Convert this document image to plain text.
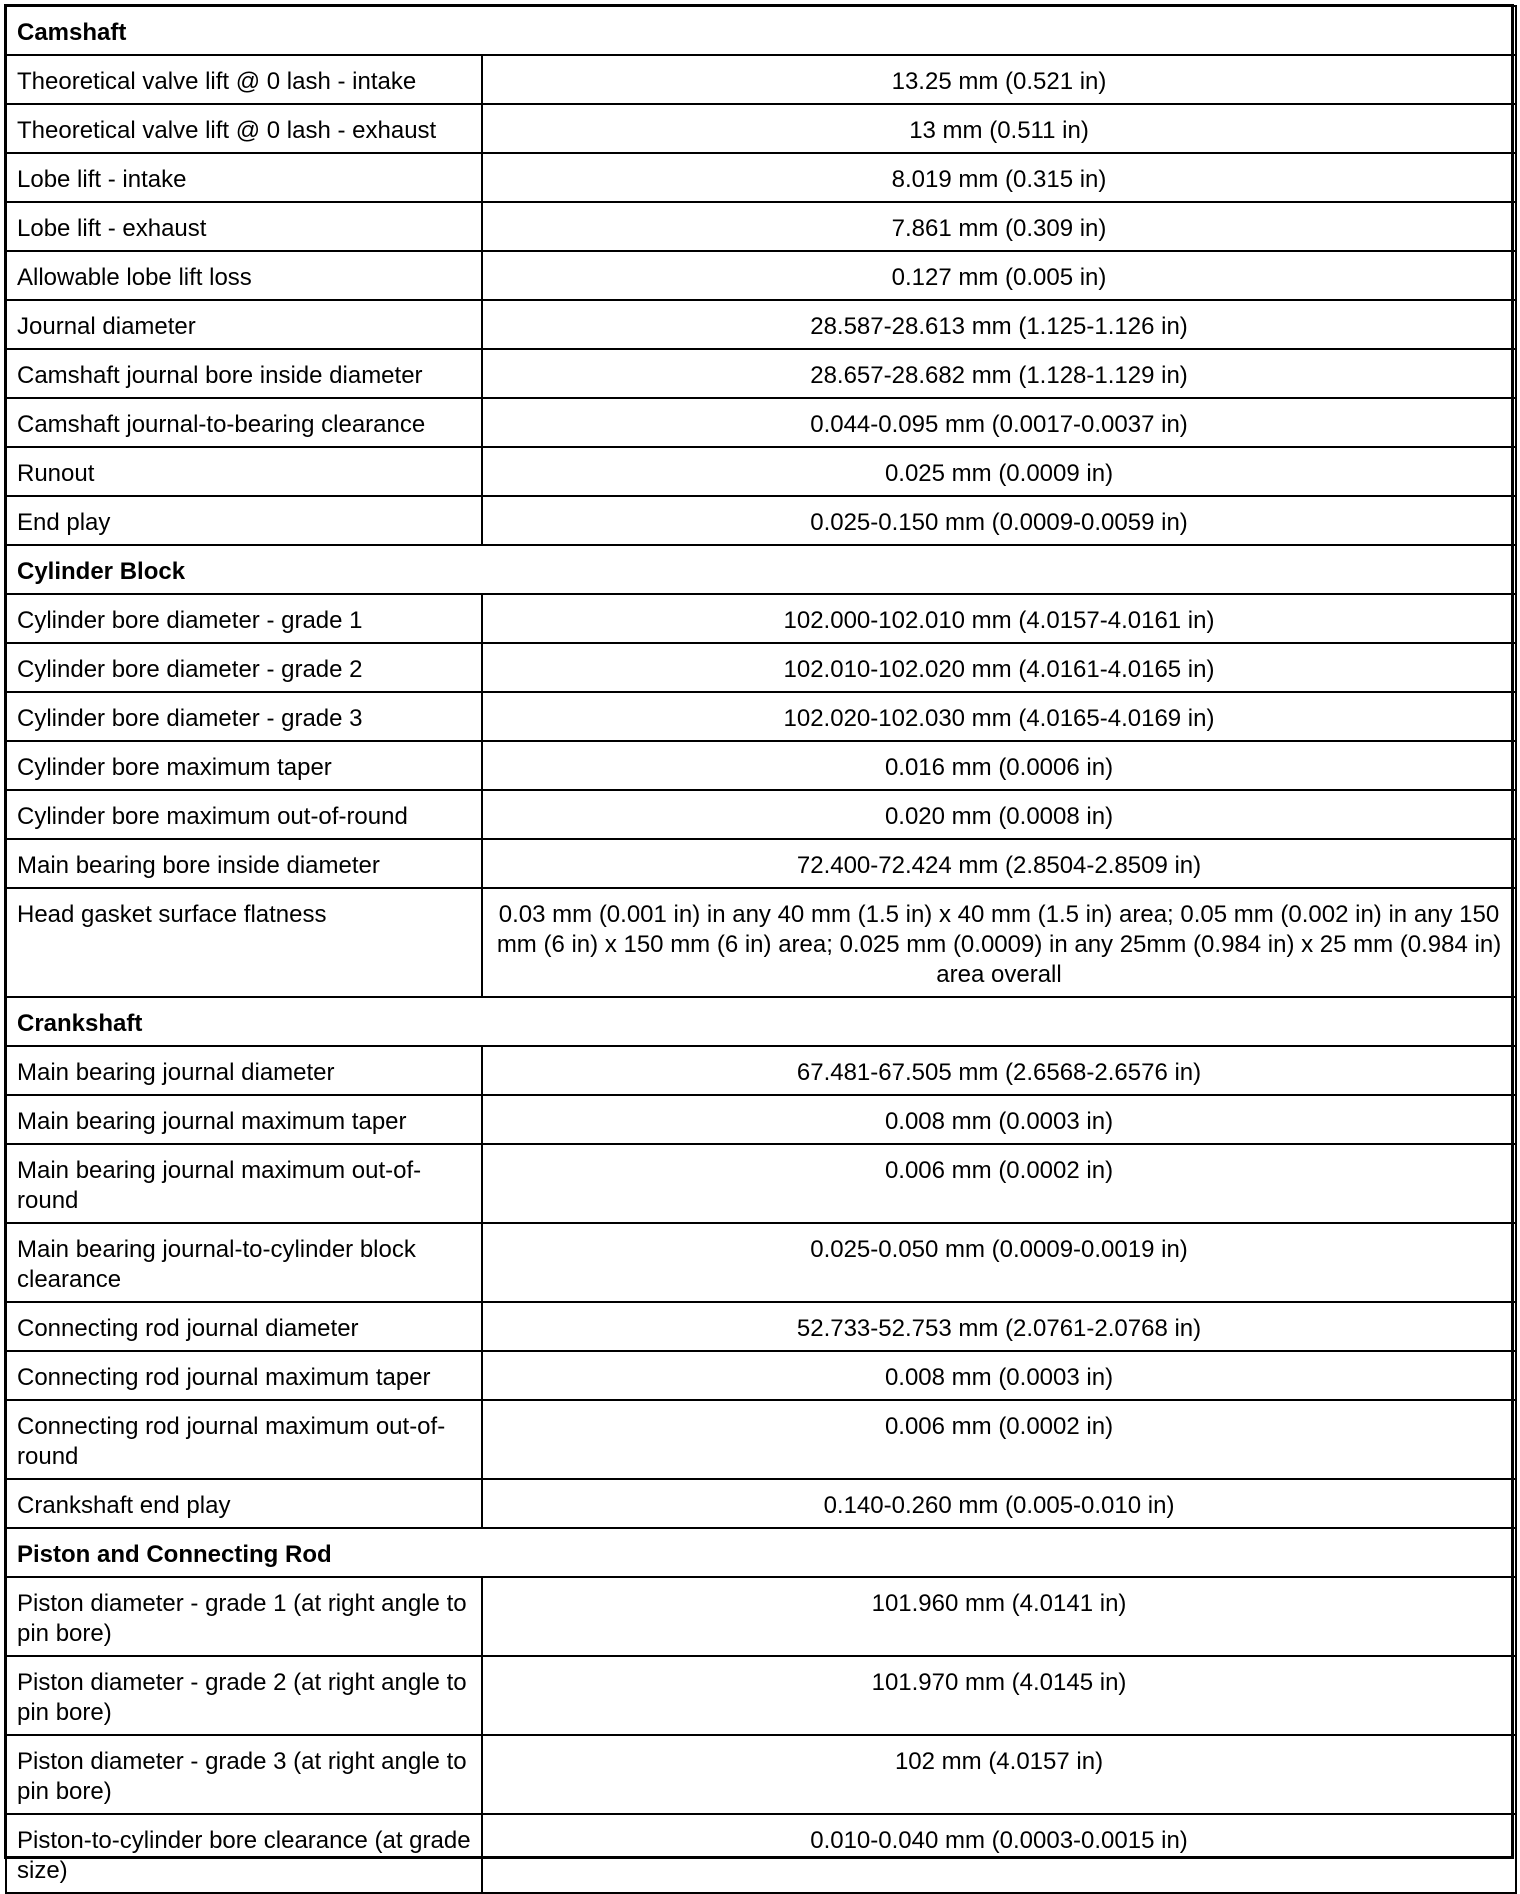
Camshaft	
Theoretical valve lift @ 0 lash - intake	13.25 mm (0.521 in)
Theoretical valve lift @ 0 lash - exhaust	13 mm (0.511 in)
Lobe lift - intake	8.019 mm (0.315 in)
Lobe lift - exhaust	7.861 mm (0.309 in)
Allowable lobe lift loss	0.127 mm (0.005 in)
Journal diameter	28.587-28.613 mm (1.125-1.126 in)
Camshaft journal bore inside diameter	28.657-28.682 mm (1.128-1.129 in)
Camshaft journal-to-bearing clearance	0.044-0.095 mm (0.0017-0.0037 in)
Runout	0.025 mm (0.0009 in)
End play	0.025-0.150 mm (0.0009-0.0059 in)
Cylinder Block	
Cylinder bore diameter - grade 1	102.000-102.010 mm (4.0157-4.0161 in)
Cylinder bore diameter - grade 2	102.010-102.020 mm (4.0161-4.0165 in)
Cylinder bore diameter - grade 3	102.020-102.030 mm (4.0165-4.0169 in)
Cylinder bore maximum taper	0.016 mm (0.0006 in)
Cylinder bore maximum out-of-round	0.020 mm (0.0008 in)
Main bearing bore inside diameter	72.400-72.424 mm (2.8504-2.8509 in)
Head gasket surface flatness	0.03 mm (0.001 in) in any 40 mm (1.5 in) x 40 mm (1.5 in) area; 0.05 mm (0.002 in) in any 150 mm (6 in) x 150 mm (6 in) area; 0.025 mm (0.0009) in any 25mm (0.984 in) x 25 mm (0.984 in) area overall
Crankshaft	
Main bearing journal diameter	67.481-67.505 mm (2.6568-2.6576 in)
Main bearing journal maximum taper	0.008 mm (0.0003 in)
Main bearing journal maximum out-of-round	0.006 mm (0.0002 in)
Main bearing journal-to-cylinder block clearance	0.025-0.050 mm (0.0009-0.0019 in)
Connecting rod journal diameter	52.733-52.753 mm (2.0761-2.0768 in)
Connecting rod journal maximum taper	0.008 mm (0.0003 in)
Connecting rod journal maximum out-of-round	0.006 mm (0.0002 in)
Crankshaft end play	0.140-0.260 mm (0.005-0.010 in)
Piston and Connecting Rod	
Piston diameter - grade 1 (at right angle to pin bore)	101.960 mm (4.0141 in)
Piston diameter - grade 2 (at right angle to pin bore)	101.970 mm (4.0145 in)
Piston diameter - grade 3 (at right angle to pin bore)	102 mm (4.0157 in)
Piston-to-cylinder bore clearance (at grade size)	0.010-0.040 mm (0.0003-0.0015 in)
